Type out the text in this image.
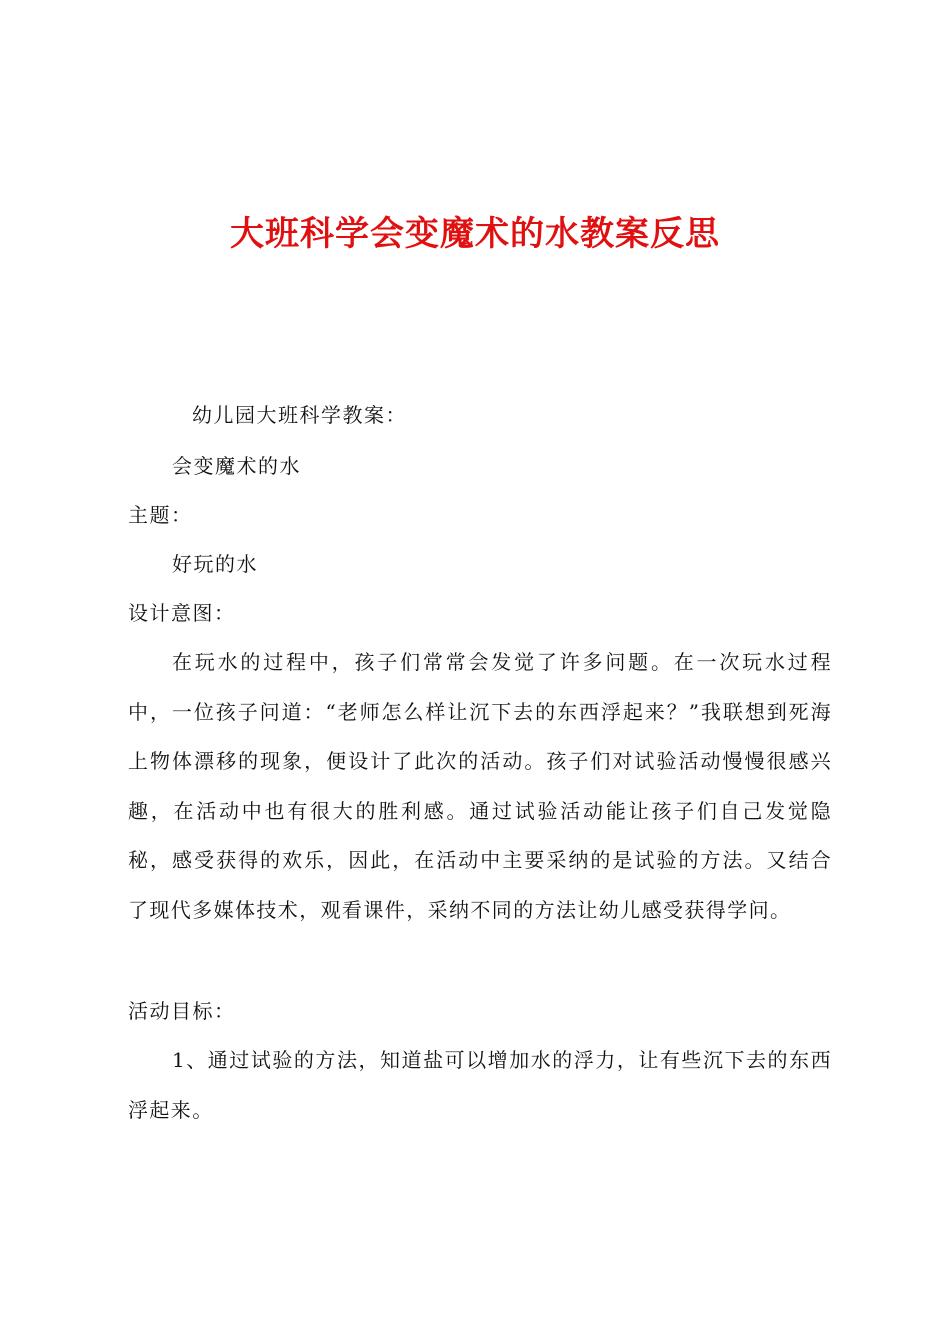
大班科学会变魔术的水教案反思
幼儿园大班科学教案：
会变魔术的水
主题：
好玩的水
设计意图：
在玩水的过程中，孩子们常常会发觉了许多问题。在一次玩水过程中，一位孩子问道：“老师怎么样让沉下去的东西浮起来？”我联想到死海上物体漂移的现象，便设计了此次的活动。孩子们对试验活动慢慢很感兴趣，在活动中也有很大的胜利感。通过试验活动能让孩子们自己发觉隐秘，感受获得的欢乐，因此，在活动中主要采纳的是试验的方法。又结合了现代多媒体技术，观看课件，采纳不同的方法让幼儿感受获得学问。
活动目标：
1、通过试验的方法，知道盐可以增加水的浮力，让有些沉下去的东西浮起来。
